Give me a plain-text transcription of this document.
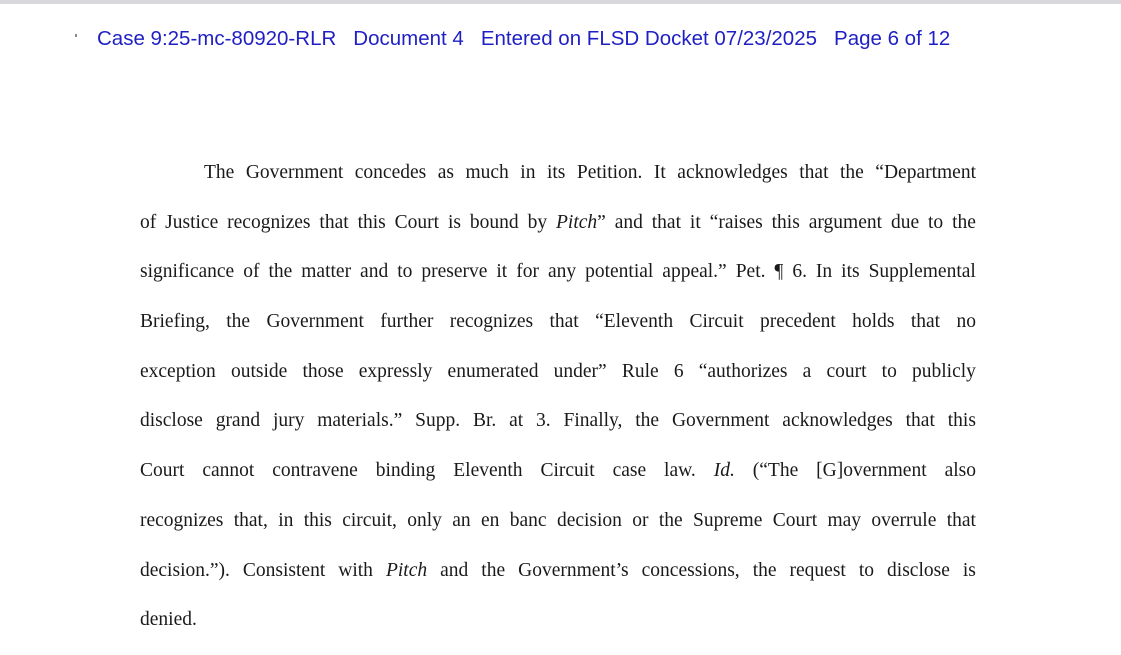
Case 9:25-mc-80920-RLR Document 4 Entered on FLSD Docket 07/23/2025 Page 6 of 12
The Government concedes as much in its Petition. It acknowledges that the “Department
of Justice recognizes that this Court is bound by Pitch” and that it “raises this argument due to the
significance of the matter and to preserve it for any potential appeal.” Pet. ¶ 6. In its Supplemental
Briefing, the Government further recognizes that “Eleventh Circuit precedent holds that no
exception outside those expressly enumerated under” Rule 6 “authorizes a court to publicly
disclose grand jury materials.” Supp. Br. at 3. Finally, the Government acknowledges that this
Court cannot contravene binding Eleventh Circuit case law. Id. (“The [G]overnment also
recognizes that, in this circuit, only an en banc decision or the Supreme Court may overrule that
decision.”). Consistent with Pitch and the Government’s concessions, the request to disclose is
denied.
